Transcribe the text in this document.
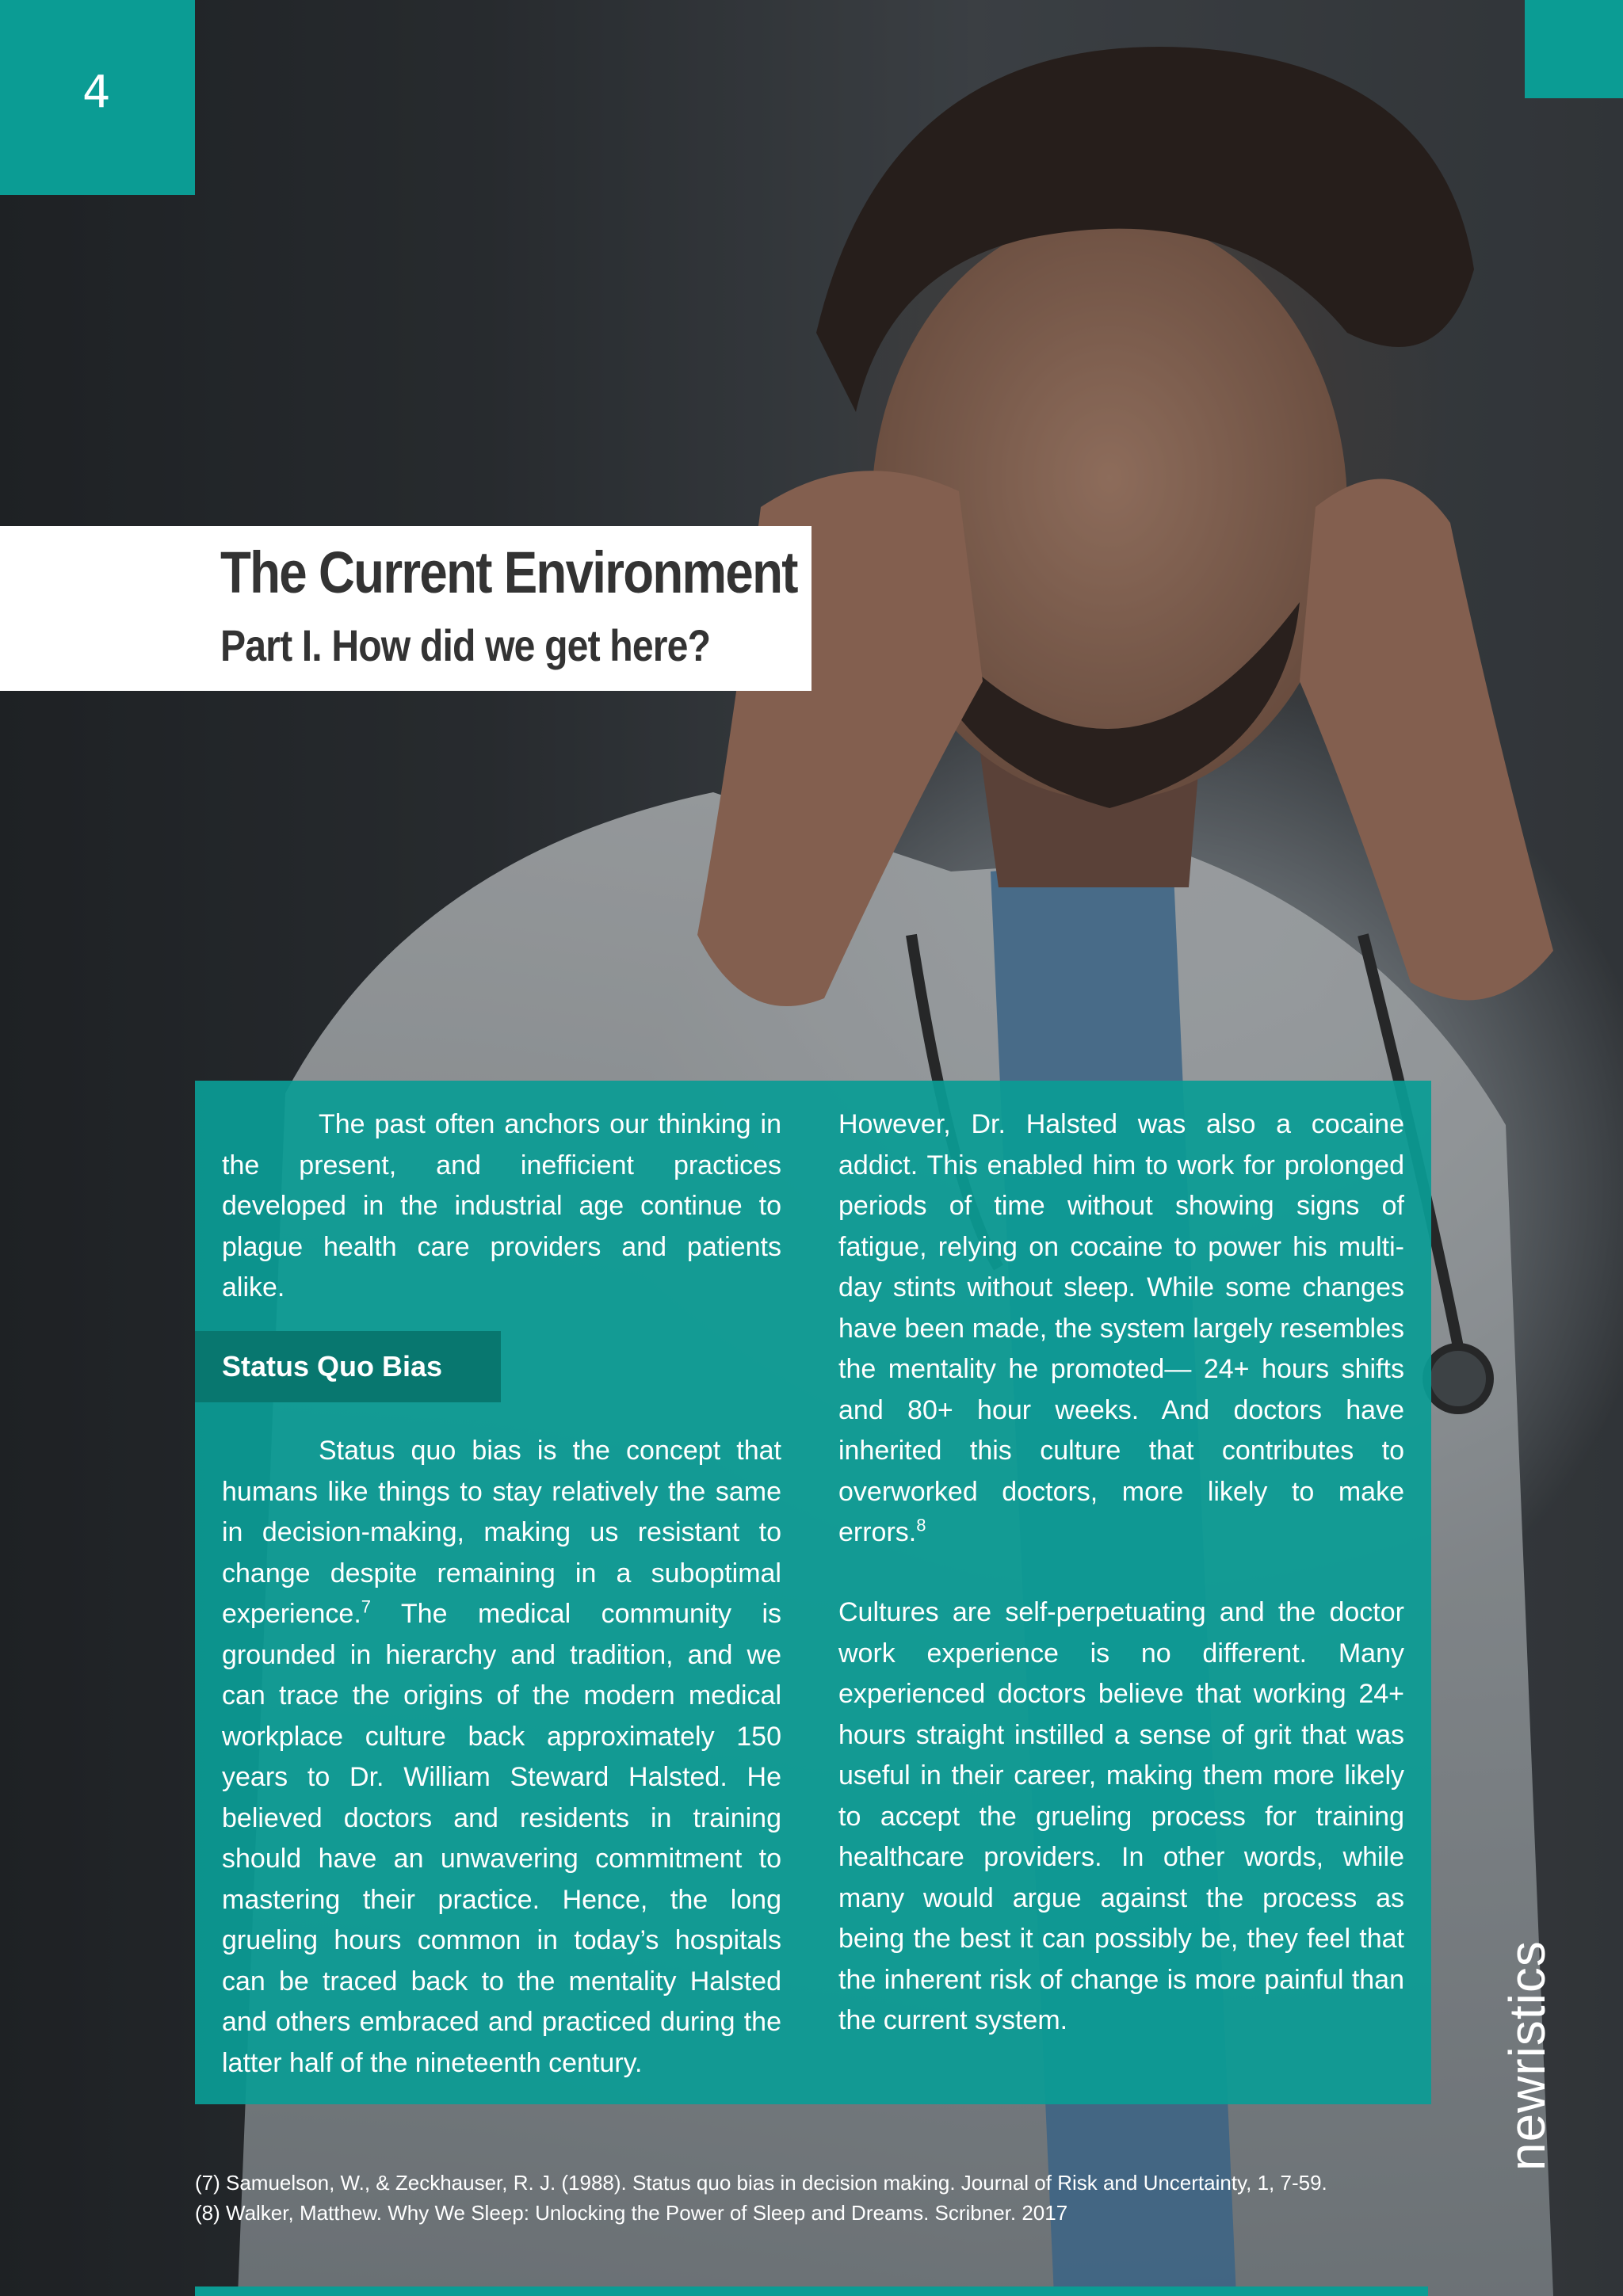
4
The Current Environment
Part I. How did we get here?

The past often anchors our thinking in the present, and inefficient practices developed in the industrial age continue to plague health care providers and patients alike.

Status Quo Bias

Status quo bias is the concept that humans like things to stay relatively the same in decision-making, making us resistant to change despite remaining in a suboptimal experience.$^7$ The medical community is grounded in hierarchy and tradition, and we can trace the origins of the modern medical workplace culture back approximately 150 years to Dr. William Steward Halsted. He believed doctors and residents in training should have an unwavering commitment to mastering their practice. Hence, the long grueling hours common in today’s hospitals can be traced back to the mentality Halsted and others embraced and practiced during the latter half of the nineteenth century.

However, Dr. Halsted was also a cocaine addict. This enabled him to work for prolonged periods of time without showing signs of fatigue, relying on cocaine to power his multi-day stints without sleep. While some changes have been made, the system largely resembles the mentality he promoted— 24+ hours shifts and 80+ hour weeks. And doctors have inherited this culture that contributes to overworked doctors, more likely to make errors.$^8$

Cultures are self-perpetuating and the doctor work experience is no different. Many experienced doctors believe that working 24+ hours straight instilled a sense of grit that was useful in their career, making them more likely to accept the grueling process for training healthcare providers. In other words, while many would argue against the process as being the best it can possibly be, they feel that the inherent risk of change is more painful than the current system.

(7) Samuelson, W., & Zeckhauser, R. J. (1988). Status quo bias in decision making. Journal of Risk and Uncertainty, 1, 7-59.
(8) Walker, Matthew. Why We Sleep: Unlocking the Power of Sleep and Dreams. Scribner. 2017
newristics
